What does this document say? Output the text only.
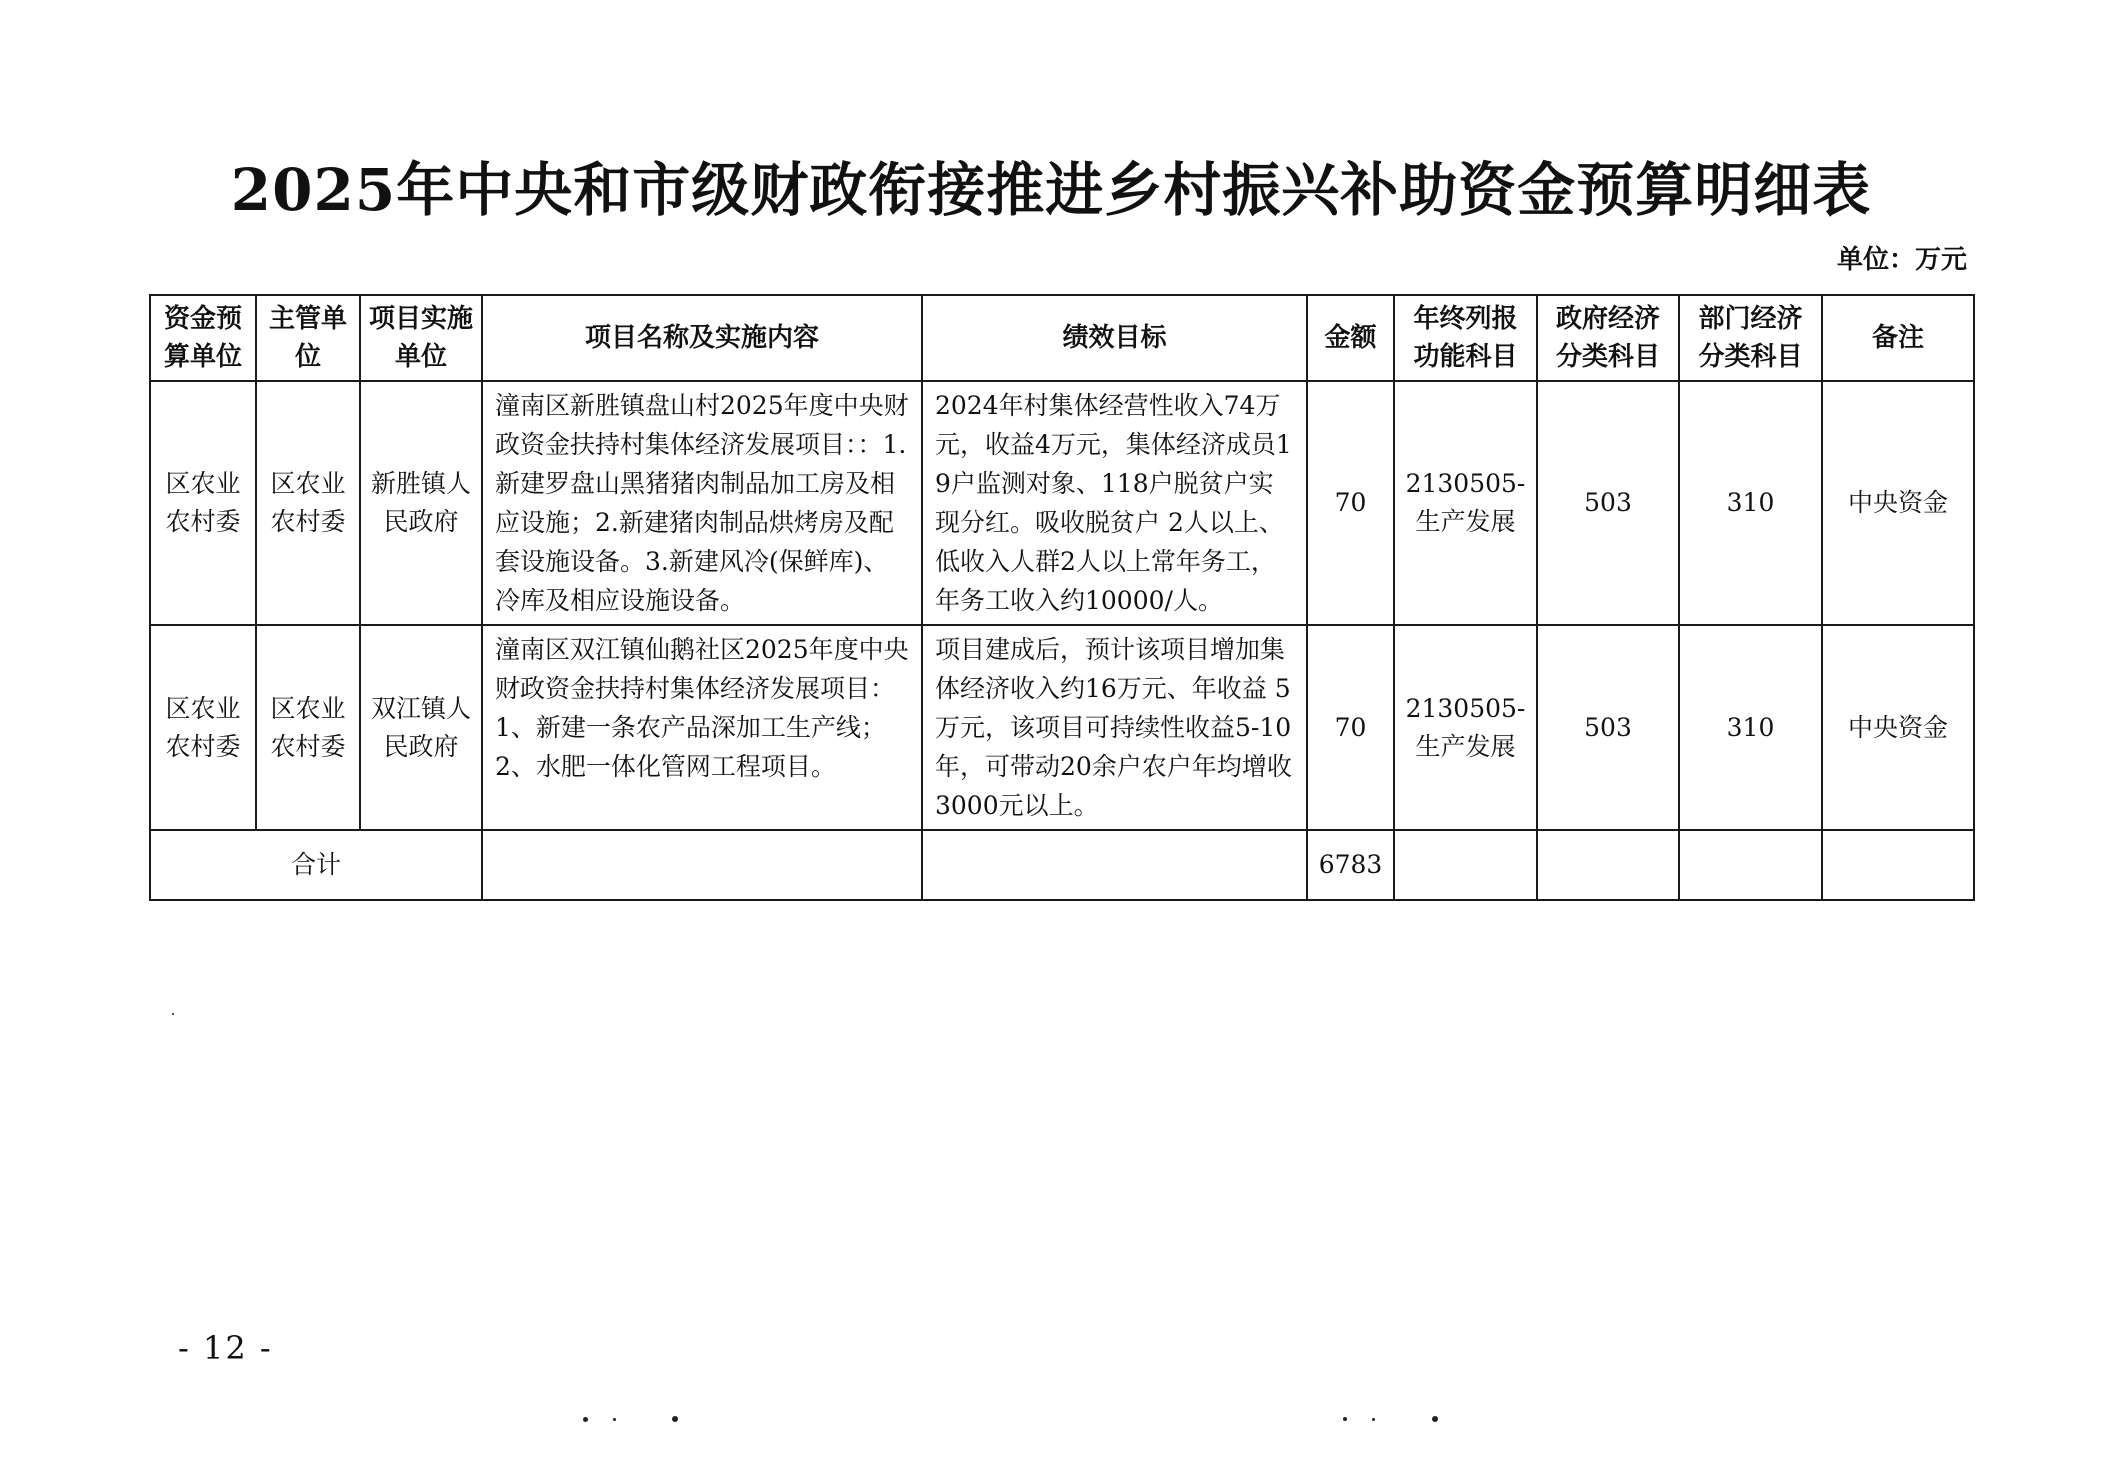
2025年中央和市级财政衔接推进乡村振兴补助资金预算明细表
单位：万元
资金预算单位	主管单位	项目实施单位	项目名称及实施内容	绩效目标	金额	年终列报功能科目	政府经济分类科目	部门经济分类科目	备注
区农业农村委	区农业农村委	新胜镇人民政府	潼南区新胜镇盘山村2025年度中央财政资金扶持村集体经济发展项目：：1.新建罗盘山黑猪猪肉制品加工房及相应设施；2.新建猪肉制品烘烤房及配套设施设备。3.新建风冷(保鲜库)、冷库及相应设施设备。	2024年村集体经营性收入74万元，收益4万元，集体经济成员19户监测对象、118户脱贫户实现分红。吸收脱贫户 2人以上、低收入人群2人以上常年务工，年务工收入约10000/人。	70	2130505-生产发展	503	310	中央资金
区农业农村委	区农业农村委	双江镇人民政府	潼南区双江镇仙鹅社区2025年度中央财政资金扶持村集体经济发展项目：1、新建一条农产品深加工生产线；2、水肥一体化管网工程项目。	项目建成后，预计该项目增加集体经济收入约16万元、年收益 5 万元，该项目可持续性收益5-10年，可带动20余户农户年均增收3000元以上。	70	2130505-生产发展	503	310	中央资金
合计					6783				
- 12 -
